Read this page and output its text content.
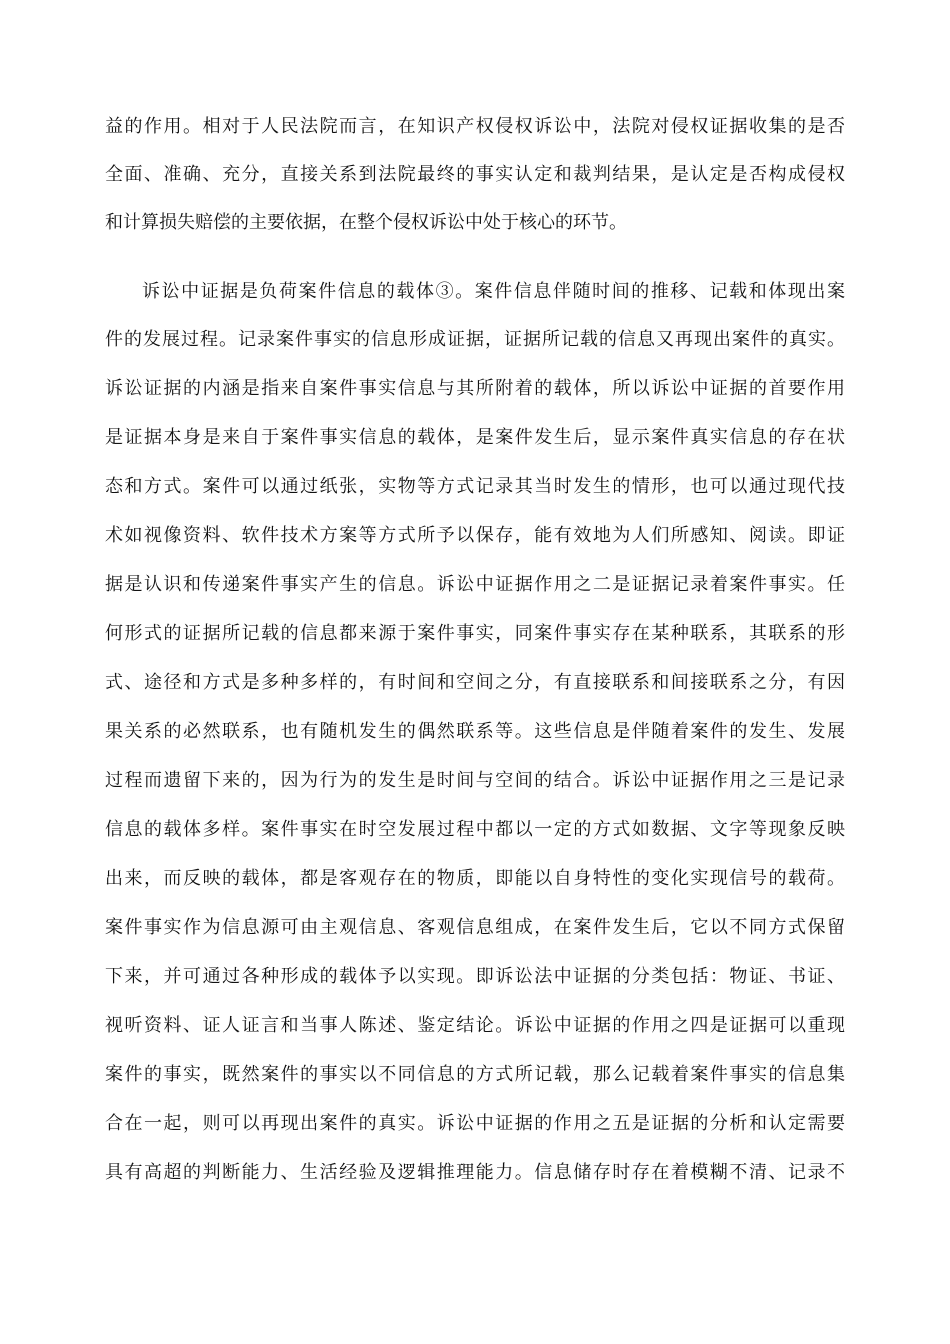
益的作用。相对于人民法院而言，在知识产权侵权诉讼中，法院对侵权证据收集的是否
全面、准确、充分，直接关系到法院最终的事实认定和裁判结果，是认定是否构成侵权
和计算损失赔偿的主要依据，在整个侵权诉讼中处于核心的环节。
诉讼中证据是负荷案件信息的载体③。案件信息伴随时间的推移、记载和体现出案
件的发展过程。记录案件事实的信息形成证据，证据所记载的信息又再现出案件的真实。
诉讼证据的内涵是指来自案件事实信息与其所附着的载体，所以诉讼中证据的首要作用
是证据本身是来自于案件事实信息的载体，是案件发生后，显示案件真实信息的存在状
态和方式。案件可以通过纸张，实物等方式记录其当时发生的情形，也可以通过现代技
术如视像资料、软件技术方案等方式所予以保存，能有效地为人们所感知、阅读。即证
据是认识和传递案件事实产生的信息。诉讼中证据作用之二是证据记录着案件事实。任
何形式的证据所记载的信息都来源于案件事实，同案件事实存在某种联系，其联系的形
式、途径和方式是多种多样的，有时间和空间之分，有直接联系和间接联系之分，有因
果关系的必然联系，也有随机发生的偶然联系等。这些信息是伴随着案件的发生、发展
过程而遗留下来的，因为行为的发生是时间与空间的结合。诉讼中证据作用之三是记录
信息的载体多样。案件事实在时空发展过程中都以一定的方式如数据、文字等现象反映
出来，而反映的载体，都是客观存在的物质，即能以自身特性的变化实现信号的载荷。
案件事实作为信息源可由主观信息、客观信息组成，在案件发生后，它以不同方式保留
下来，并可通过各种形成的载体予以实现。即诉讼法中证据的分类包括：物证、书证、
视听资料、证人证言和当事人陈述、鉴定结论。诉讼中证据的作用之四是证据可以重现
案件的事实，既然案件的事实以不同信息的方式所记载，那么记载着案件事实的信息集
合在一起，则可以再现出案件的真实。诉讼中证据的作用之五是证据的分析和认定需要
具有高超的判断能力、生活经验及逻辑推理能力。信息储存时存在着模糊不清、记录不
